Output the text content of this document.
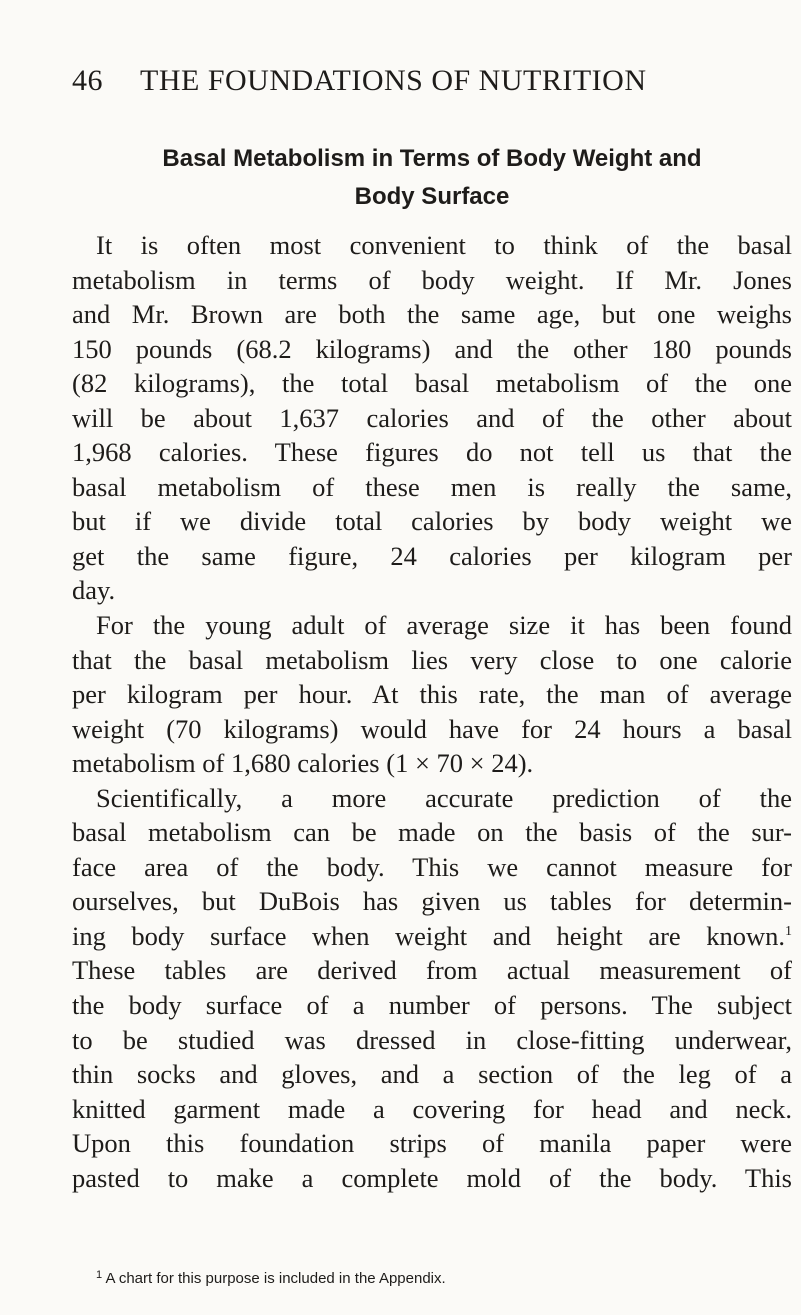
46 THE FOUNDATIONS OF NUTRITION
Basal Metabolism in Terms of Body Weight and
Body Surface
It is often most convenient to think of the basal
metabolism in terms of body weight. If Mr. Jones
and Mr. Brown are both the same age, but one weighs
150 pounds (68.2 kilograms) and the other 180 pounds
(82 kilograms), the total basal metabolism of the one
will be about 1,637 calories and of the other about
1,968 calories. These figures do not tell us that the
basal metabolism of these men is really the same,
but if we divide total calories by body weight we
get the same figure, 24 calories per kilogram per
day.
For the young adult of average size it has been found
that the basal metabolism lies very close to one calorie
per kilogram per hour. At this rate, the man of average
weight (70 kilograms) would have for 24 hours a basal
metabolism of 1,680 calories (1 × 70 × 24).
Scientifically, a more accurate prediction of the
basal metabolism can be made on the basis of the sur-
face area of the body. This we cannot measure for
ourselves, but DuBois has given us tables for determin-
ing body surface when weight and height are known.$^1$
These tables are derived from actual measurement of
the body surface of a number of persons. The subject
to be studied was dressed in close-fitting underwear,
thin socks and gloves, and a section of the leg of a
knitted garment made a covering for head and neck.
Upon this foundation strips of manila paper were
pasted to make a complete mold of the body. This
$^1$ A chart for this purpose is included in the Appendix.
